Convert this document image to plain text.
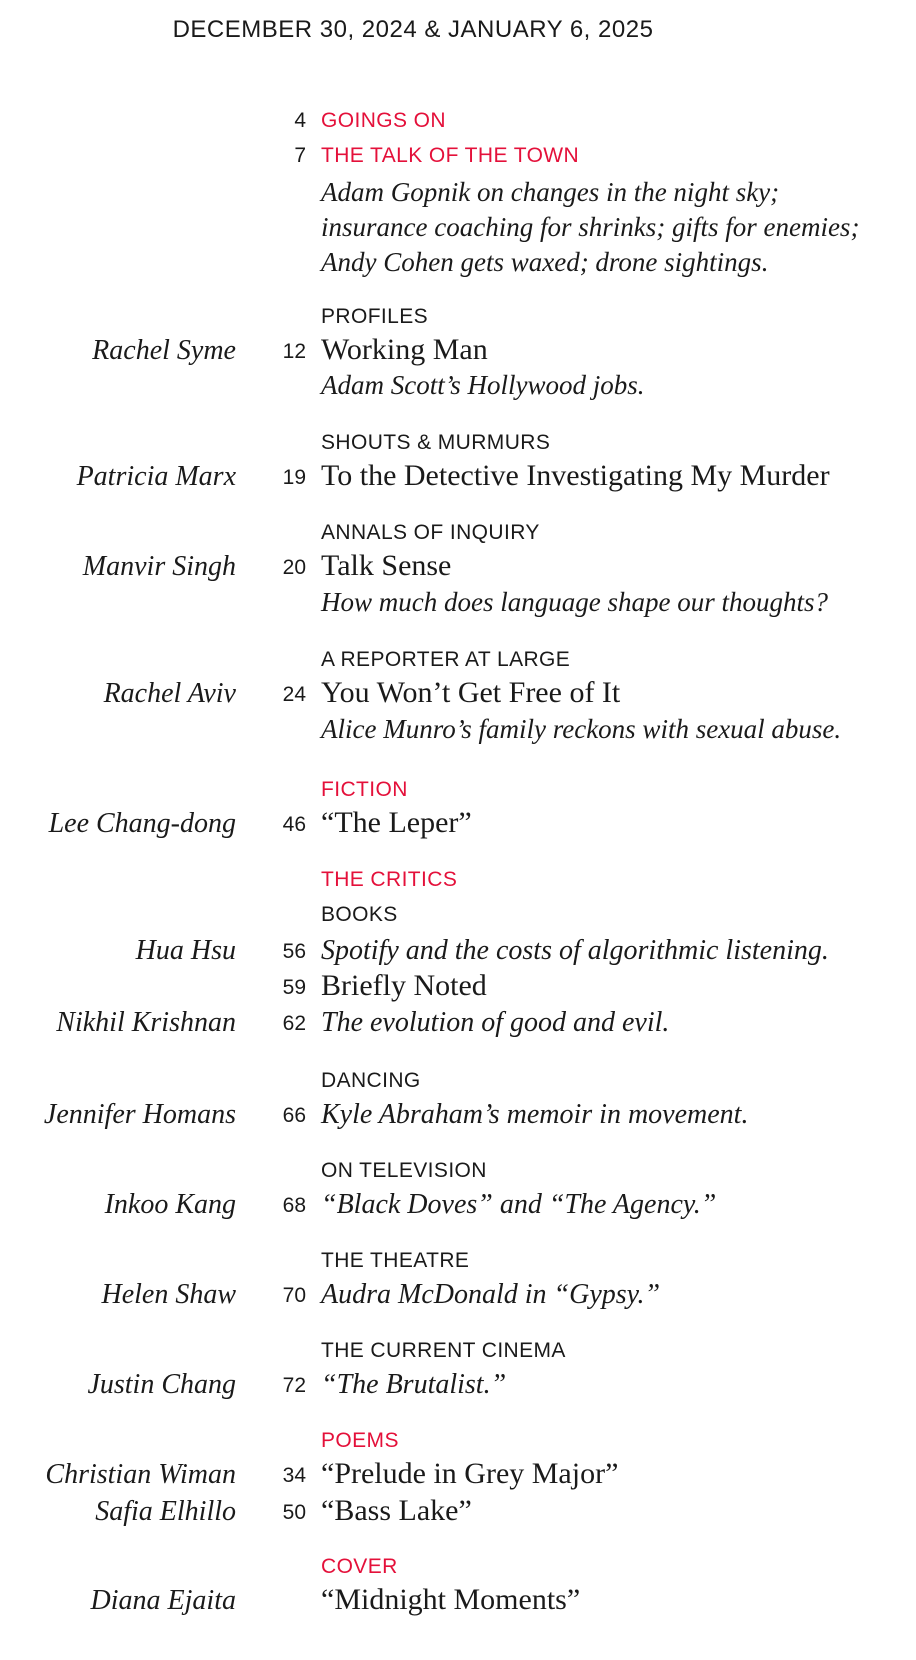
DECEMBER 30, 2024 & JANUARY 6, 2025
4 GOINGS ON
7 THE TALK OF THE TOWN
Adam Gopnik on changes in the night sky;
insurance coaching for shrinks; gifts for enemies;
Andy Cohen gets waxed; drone sightings.
PROFILES
Rachel Syme 12 Working Man
Adam Scott’s Hollywood jobs.
SHOUTS & MURMURS
Patricia Marx 19 To the Detective Investigating My Murder
ANNALS OF INQUIRY
Manvir Singh 20 Talk Sense
How much does language shape our thoughts?
A REPORTER AT LARGE
Rachel Aviv 24 You Won’t Get Free of It
Alice Munro’s family reckons with sexual abuse.
FICTION
Lee Chang-dong 46 “The Leper”
THE CRITICS
BOOKS
Hua Hsu 56 Spotify and the costs of algorithmic listening.
59 Briefly Noted
Nikhil Krishnan 62 The evolution of good and evil.
DANCING
Jennifer Homans 66 Kyle Abraham’s memoir in movement.
ON TELEVISION
Inkoo Kang 68 “Black Doves” and “The Agency.”
THE THEATRE
Helen Shaw 70 Audra McDonald in “Gypsy.”
THE CURRENT CINEMA
Justin Chang 72 “The Brutalist.”
POEMS
Christian Wiman 34 “Prelude in Grey Major”
Safia Elhillo 50 “Bass Lake”
COVER
Diana Ejaita	“Midnight Moments”
